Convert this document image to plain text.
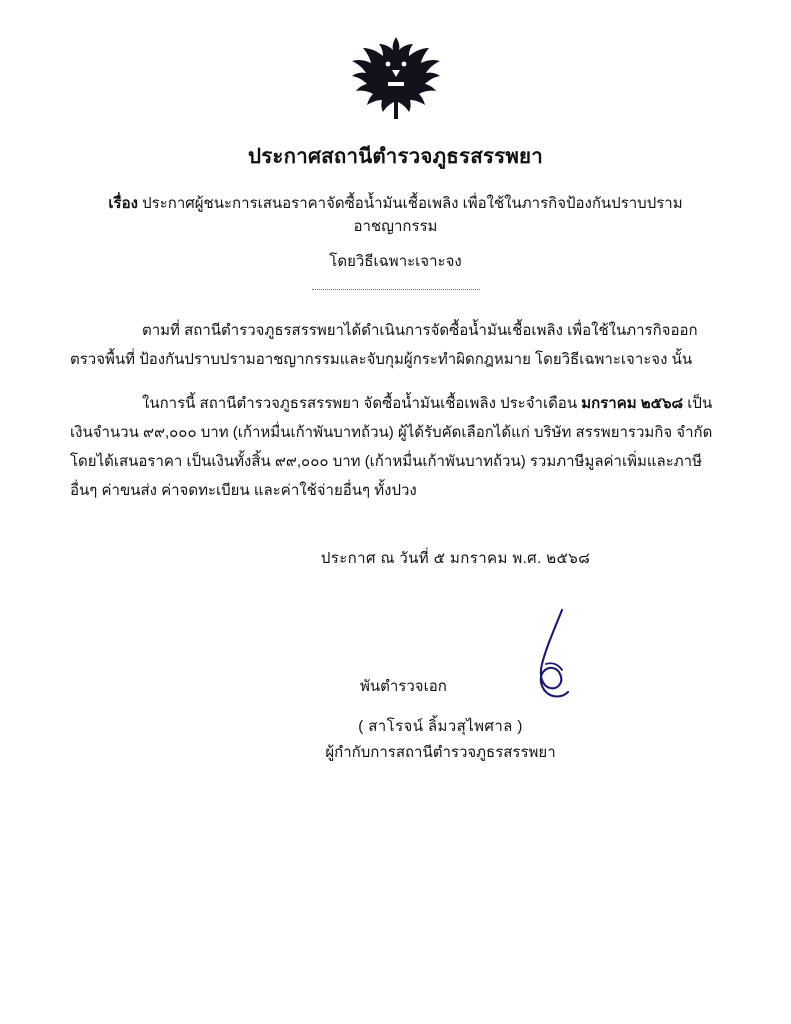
ประกาศสถานีตำรวจภูธรสรรพยา
เรื่อง ประกาศผู้ชนะการเสนอราคาจัดซื้อน้ำมันเชื้อเพลิง เพื่อใช้ในภารกิจป้องกันปราบปรามอาชญากรรม
โดยวิธีเฉพาะเจาะจง

ตามที่ สถานีตำรวจภูธรสรรพยาได้ดำเนินการจัดซื้อน้ำมันเชื้อเพลิง เพื่อใช้ในภารกิจออกตรวจพื้นที่ ป้องกันปราบปรามอาชญากรรมและจับกุมผู้กระทำผิดกฎหมาย โดยวิธีเฉพาะเจาะจง นั้น

ในการนี้ สถานีตำรวจภูธรสรรพยา จัดซื้อน้ำมันเชื้อเพลิง ประจำเดือน มกราคม ๒๕๖๘ เป็นเงินจำนวน ๙๙,๐๐๐ บาท (เก้าหมื่นเก้าพันบาทถ้วน) ผู้ได้รับคัดเลือกได้แก่ บริษัท สรรพยารวมกิจ จำกัด โดยได้เสนอราคา เป็นเงินทั้งสิ้น ๙๙,๐๐๐ บาท (เก้าหมื่นเก้าพันบาทถ้วน) รวมภาษีมูลค่าเพิ่มและภาษีอื่นๆ ค่าขนส่ง ค่าจดทะเบียน และค่าใช้จ่ายอื่นๆ ทั้งปวง

ประกาศ ณ วันที่ ๕ มกราคม พ.ศ. ๒๕๖๘
พันตำรวจเอก
( สาโรจน์ ลิ้มวสุไพศาล )
ผู้กำกับการสถานีตำรวจภูธรสรรพยา
